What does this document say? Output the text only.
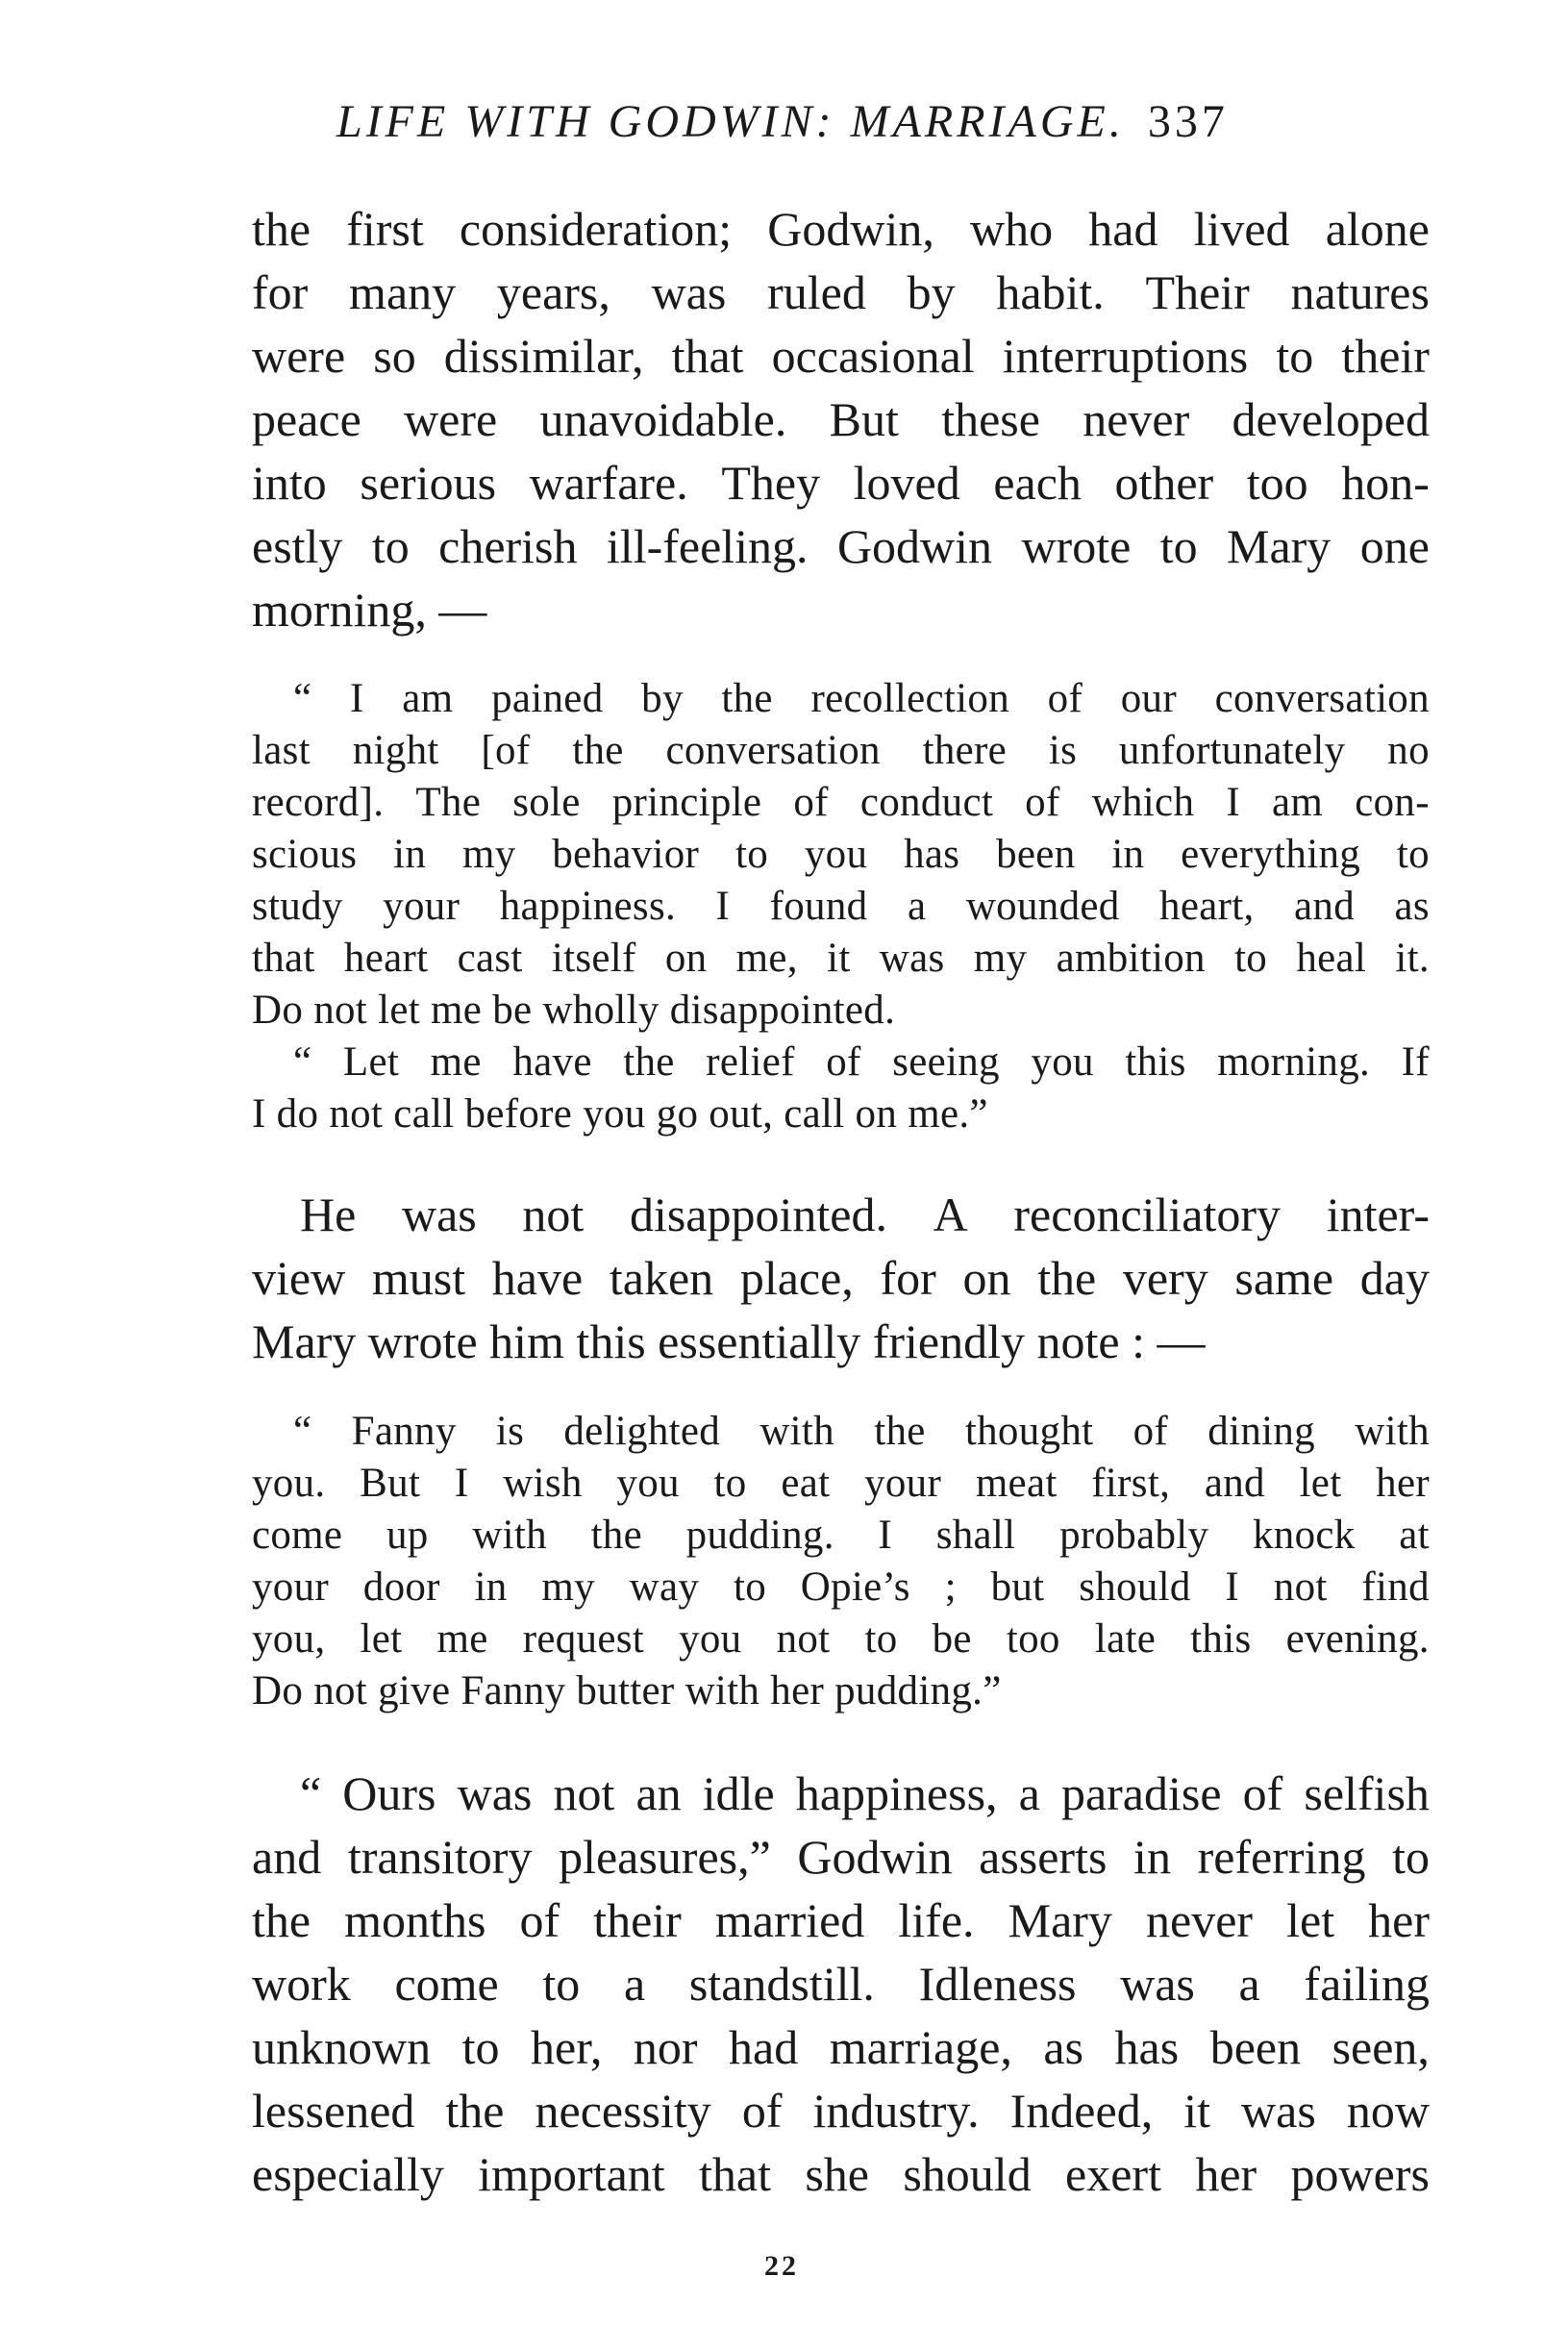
LIFE WITH GODWIN: MARRIAGE. 337
the first consideration; Godwin, who had lived alone
for many years, was ruled by habit. Their natures
were so dissimilar, that occasional interruptions to their
peace were unavoidable. But these never developed
into serious warfare. They loved each other too hon-
estly to cherish ill-feeling. Godwin wrote to Mary one
morning, —
“ I am pained by the recollection of our conversation
last night [of the conversation there is unfortunately no
record]. The sole principle of conduct of which I am con-
scious in my behavior to you has been in everything to
study your happiness. I found a wounded heart, and as
that heart cast itself on me, it was my ambition to heal it.
Do not let me be wholly disappointed.
“ Let me have the relief of seeing you this morning. If
I do not call before you go out, call on me.”
He was not disappointed. A reconciliatory inter-
view must have taken place, for on the very same day
Mary wrote him this essentially friendly note : —
“ Fanny is delighted with the thought of dining with
you. But I wish you to eat your meat first, and let her
come up with the pudding. I shall probably knock at
your door in my way to Opie’s ; but should I not find
you, let me request you not to be too late this evening.
Do not give Fanny butter with her pudding.”
“ Ours was not an idle happiness, a paradise of selfish
and transitory pleasures,” Godwin asserts in referring to
the months of their married life. Mary never let her
work come to a standstill. Idleness was a failing
unknown to her, nor had marriage, as has been seen,
lessened the necessity of industry. Indeed, it was now
especially important that she should exert her powers
22
